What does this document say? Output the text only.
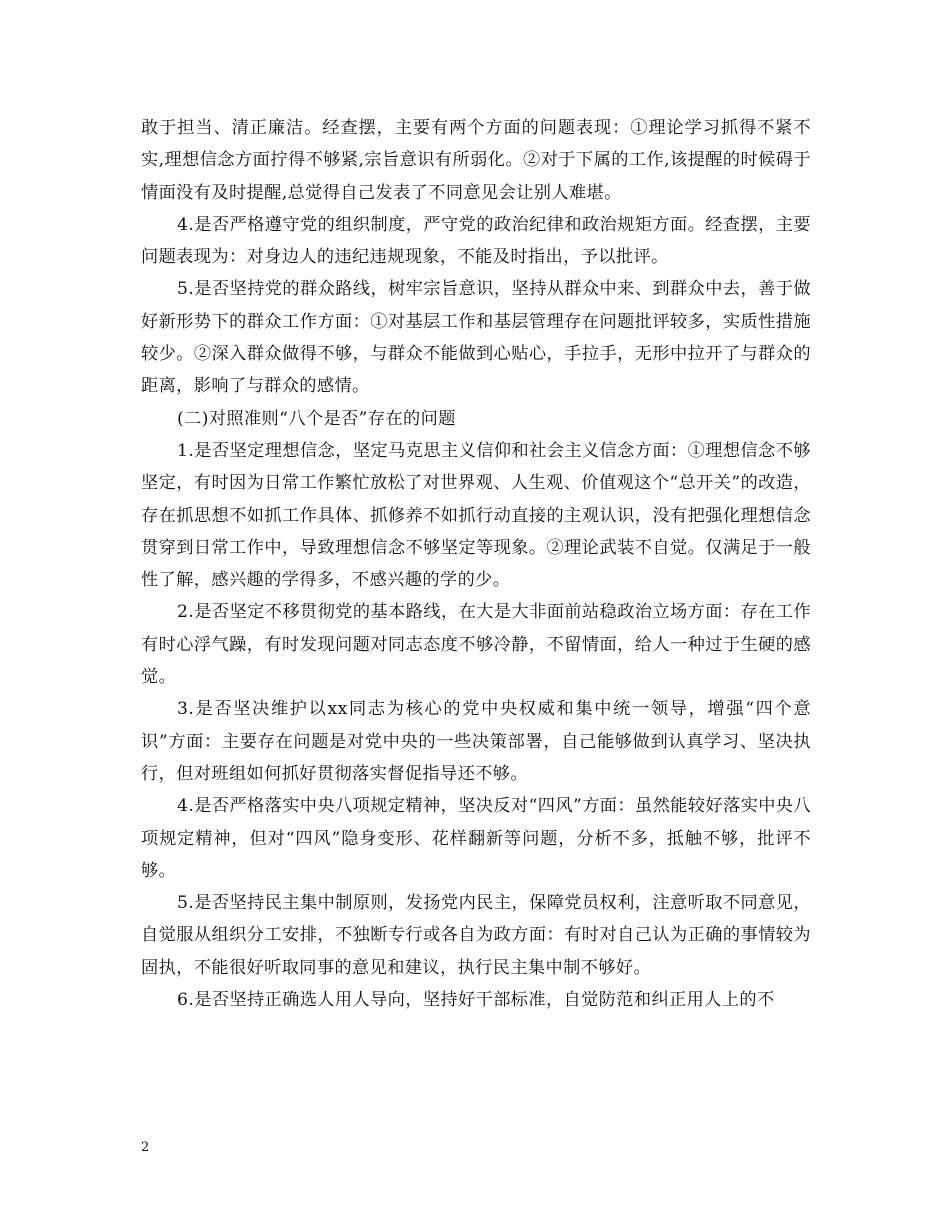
敢于担当、清正廉洁。经查摆，主要有两个方面的问题表现：①理论学习抓得不紧不实,理想信念方面拧得不够紧,宗旨意识有所弱化。②对于下属的工作,该提醒的时候碍于情面没有及时提醒,总觉得自己发表了不同意见会让别人难堪。

4.是否严格遵守党的组织制度，严守党的政治纪律和政治规矩方面。经查摆，主要问题表现为：对身边人的违纪违规现象，不能及时指出，予以批评。

5.是否坚持党的群众路线，树牢宗旨意识，坚持从群众中来、到群众中去，善于做好新形势下的群众工作方面：①对基层工作和基层管理存在问题批评较多，实质性措施较少。②深入群众做得不够，与群众不能做到心贴心，手拉手，无形中拉开了与群众的距离，影响了与群众的感情。

(二)对照准则“八个是否”存在的问题

1.是否坚定理想信念，坚定马克思主义信仰和社会主义信念方面：①理想信念不够坚定，有时因为日常工作繁忙放松了对世界观、人生观、价值观这个“总开关”的改造，存在抓思想不如抓工作具体、抓修养不如抓行动直接的主观认识，没有把强化理想信念贯穿到日常工作中，导致理想信念不够坚定等现象。②理论武装不自觉。仅满足于一般性了解，感兴趣的学得多，不感兴趣的学的少。

2.是否坚定不移贯彻党的基本路线，在大是大非面前站稳政治立场方面：存在工作有时心浮气躁，有时发现问题对同志态度不够冷静，不留情面，给人一种过于生硬的感觉。

3.是否坚决维护以xx同志为核心的党中央权威和集中统一领导，增强“四个意识”方面：主要存在问题是对党中央的一些决策部署，自己能够做到认真学习、坚决执行，但对班组如何抓好贯彻落实督促指导还不够。

4.是否严格落实中央八项规定精神，坚决反对“四风”方面：虽然能较好落实中央八项规定精神，但对“四风”隐身变形、花样翻新等问题，分析不多，抵触不够，批评不够。

5.是否坚持民主集中制原则，发扬党内民主，保障党员权利，注意听取不同意见，自觉服从组织分工安排，不独断专行或各自为政方面：有时对自己认为正确的事情较为固执，不能很好听取同事的意见和建议，执行民主集中制不够好。

6.是否坚持正确选人用人导向，坚持好干部标准，自觉防范和纠正用人上的不

2
